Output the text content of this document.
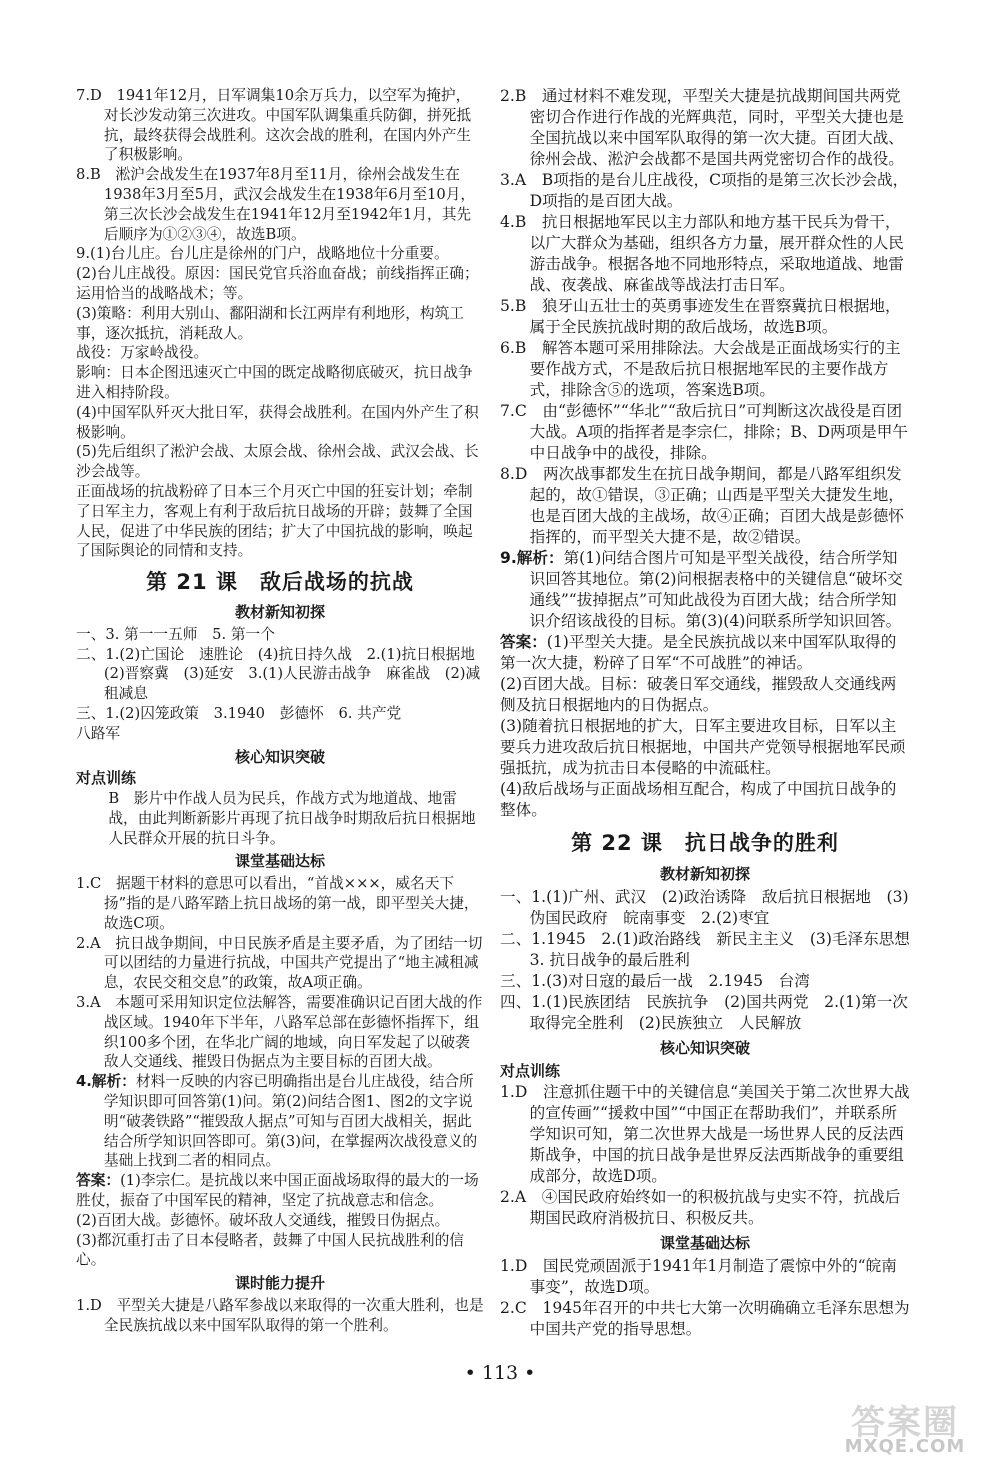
7.D　1941年12月，日军调集10余万兵力，以空军为掩护，对长沙发动第三次进攻。中国军队调集重兵防御，拼死抵抗，最终获得会战胜利。这次会战的胜利，在国内外产生了积极影响。

8.B　淞沪会战发生在1937年8月至11月，徐州会战发生在1938年3月至5月，武汉会战发生在1938年6月至10月，第三次长沙会战发生在1941年12月至1942年1月，其先后顺序为①②③④，故选B项。

9.(1)台儿庄。台儿庄是徐州的门户，战略地位十分重要。

(2)台儿庄战役。原因：国民党官兵浴血奋战；前线指挥正确；运用恰当的战略战术；等。

(3)策略：利用大别山、鄱阳湖和长江两岸有利地形，构筑工事，逐次抵抗，消耗敌人。

战役：万家岭战役。

影响：日本企图迅速灭亡中国的既定战略彻底破灭，抗日战争进入相持阶段。

(4)中国军队歼灭大批日军，获得会战胜利。在国内外产生了积极影响。

(5)先后组织了淞沪会战、太原会战、徐州会战、武汉会战、长沙会战等。

正面战场的抗战粉碎了日本三个月灭亡中国的狂妄计划；牵制了日军主力，客观上有利于敌后抗日战场的开辟；鼓舞了全国人民，促进了中华民族的团结；扩大了中国抗战的影响，唤起了国际舆论的同情和支持。

第 21 课　敌后战场的抗战
教材新知初探

一、3. 第一一五师　5. 第一个

二、1.(2)亡国论　速胜论　(4)抗日持久战　2.(1)抗日根据地　(2)晋察冀　(3)延安　3.(1)人民游击战争　麻雀战　(2)减租减息

三、1.(2)囚笼政策　3.1940　彭德怀　6. 共产党

八路军

核心知识突破
对点训练

B　影片中作战人员为民兵，作战方式为地道战、地雷战，由此判断新影片再现了抗日战争时期敌后抗日根据地人民群众开展的抗日斗争。

课堂基础达标

1.C　据题干材料的意思可以看出，“首战×××，威名天下扬”指的是八路军踏上抗日战场的第一战，即平型关大捷，故选C项。

2.A　抗日战争期间，中日民族矛盾是主要矛盾，为了团结一切可以团结的力量进行抗战，中国共产党提出了“地主减租减息，农民交租交息”的政策，故A项正确。

3.A　本题可采用知识定位法解答，需要准确识记百团大战的作战区域。1940年下半年，八路军总部在彭德怀指挥下，组织100多个团，在华北广阔的地域，向日军发起了以破袭敌人交通线、摧毁日伪据点为主要目标的百团大战。

4.解析：材料一反映的内容已明确指出是台儿庄战役，结合所学知识即可回答第(1)问。第(2)问结合图1、图2的文字说明“破袭铁路”“摧毁敌人据点”可知与百团大战相关，据此结合所学知识回答即可。第(3)问，在掌握两次战役意义的基础上找到二者的相同点。

答案：(1)李宗仁。是抗战以来中国正面战场取得的最大的一场胜仗，振奋了中国军民的精神，坚定了抗战意志和信念。

(2)百团大战。彭德怀。破坏敌人交通线，摧毁日伪据点。

(3)都沉重打击了日本侵略者，鼓舞了中国人民抗战胜利的信心。

课时能力提升

1.D　平型关大捷是八路军参战以来取得的一次重大胜利，也是全民族抗战以来中国军队取得的第一个胜利。

2.B　通过材料不难发现，平型关大捷是抗战期间国共两党密切合作进行作战的光辉典范，同时，平型关大捷也是全国抗战以来中国军队取得的第一次大捷。百团大战、徐州会战、淞沪会战都不是国共两党密切合作的战役。

3.A　B项指的是台儿庄战役，C项指的是第三次长沙会战，D项指的是百团大战。

4.B　抗日根据地军民以主力部队和地方基干民兵为骨干，以广大群众为基础，组织各方力量，展开群众性的人民游击战争。根据各地不同地形特点，采取地道战、地雷战、夜袭战、麻雀战等战法打击日军。

5.B　狼牙山五壮士的英勇事迹发生在晋察冀抗日根据地，属于全民族抗战时期的敌后战场，故选B项。

6.B　解答本题可采用排除法。大会战是正面战场实行的主要作战方式，不是敌后抗日根据地军民的主要作战方式，排除含⑤的选项，答案选B项。

7.C　由“彭德怀”“华北”“敌后抗日”可判断这次战役是百团大战。A项的指挥者是李宗仁，排除；B、D两项是甲午中日战争中的战役，排除。

8.D　两次战事都发生在抗日战争期间，都是八路军组织发起的，故①错误，③正确；山西是平型关大捷发生地，也是百团大战的主战场，故④正确；百团大战是彭德怀指挥的，而平型关大捷不是，故②错误。

9.解析：第(1)问结合图片可知是平型关战役，结合所学知识回答其地位。第(2)问根据表格中的关键信息“破坏交通线”“拔掉据点”可知此战役为百团大战；结合所学知识介绍该战役的目标。第(3)(4)问联系所学知识回答。

答案：(1)平型关大捷。是全民族抗战以来中国军队取得的第一次大捷，粉碎了日军“不可战胜”的神话。

(2)百团大战。目标：破袭日军交通线，摧毁敌人交通线两侧及抗日根据地内的日伪据点。

(3)随着抗日根据地的扩大，日军主要进攻目标，日军以主要兵力进攻敌后抗日根据地，中国共产党领导根据地军民顽强抵抗，成为抗击日本侵略的中流砥柱。

(4)敌后战场与正面战场相互配合，构成了中国抗日战争的整体。

第 22 课　抗日战争的胜利
教材新知初探

一、1.(1)广州、武汉　(2)政治诱降　敌后抗日根据地　(3)伪国民政府　皖南事变　2.(2)枣宜

二、1.1945　2.(1)政治路线　新民主主义　(3)毛泽东思想　3. 抗日战争的最后胜利

三、1.(3)对日寇的最后一战　2.1945　台湾

四、1.(1)民族团结　民族抗争　(2)国共两党　2.(1)第一次取得完全胜利　(2)民族独立　人民解放

核心知识突破
对点训练

1.D　注意抓住题干中的关键信息“美国关于第二次世界大战的宣传画”“援救中国”“中国正在帮助我们”，并联系所学知识可知，第二次世界大战是一场世界人民的反法西斯战争，中国的抗日战争是世界反法西斯战争的重要组成部分，故选D项。

2.A　④国民政府始终如一的积极抗战与史实不符，抗战后期国民政府消极抗日、积极反共。

课堂基础达标

1.D　国民党顽固派于1941年1月制造了震惊中外的“皖南事变”，故选D项。

2.C　1945年召开的中共七大第一次明确确立毛泽东思想为中国共产党的指导思想。

• 113 •
答案圈
MXQE.COM
